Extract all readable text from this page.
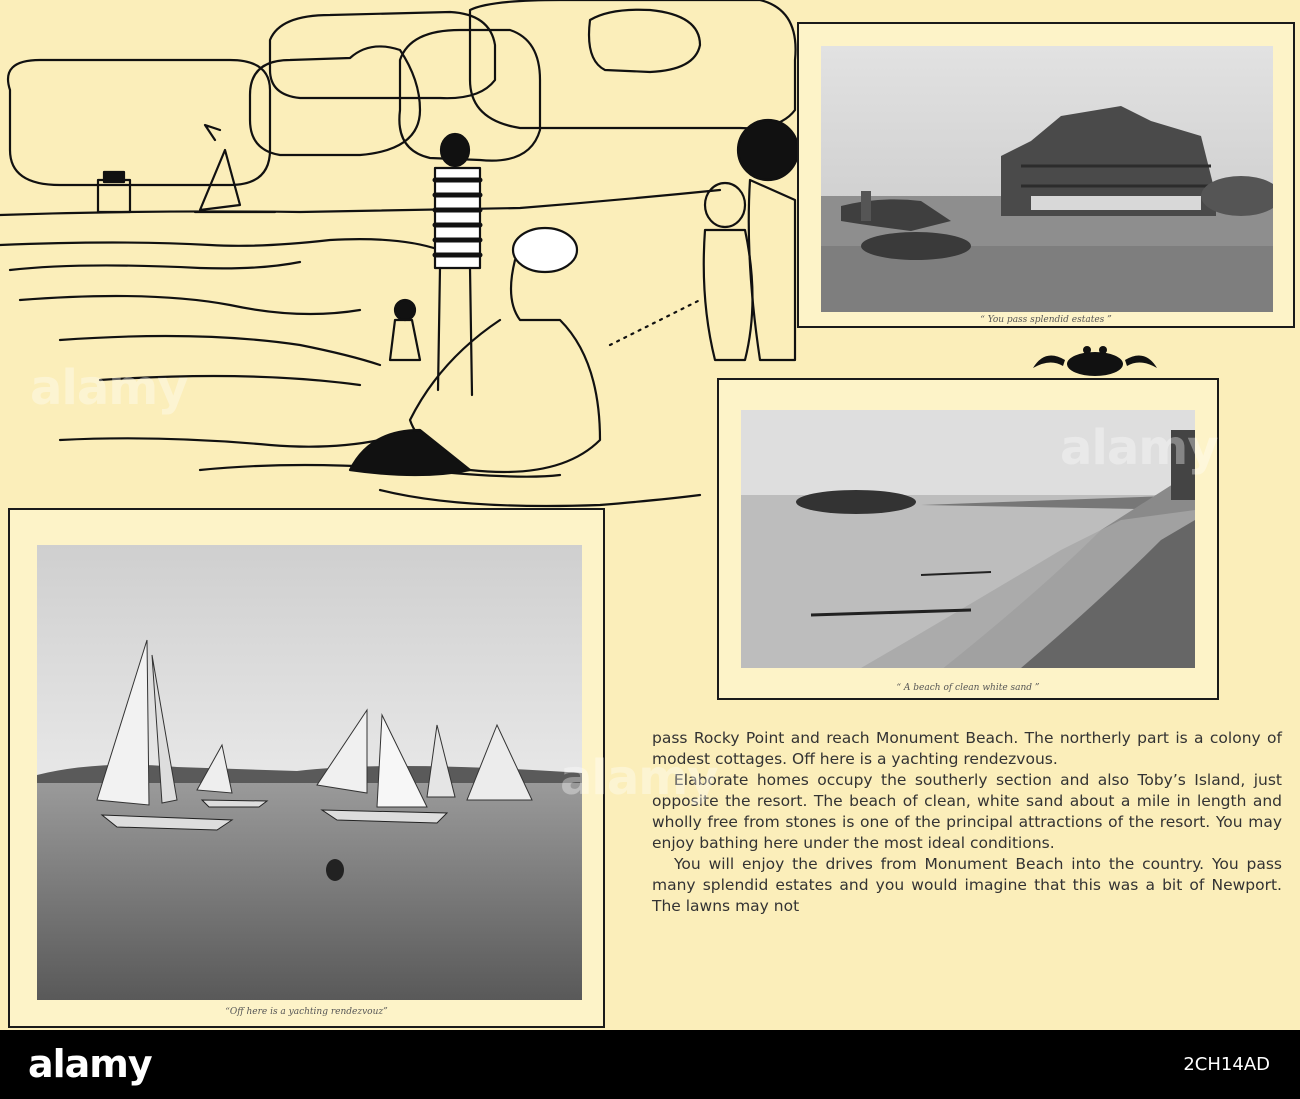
“ You pass splendid estates ”
“ A beach of clean white sand ”
“Off here is a yachting rendezvouz”

pass Rocky Point and reach Monument Beach. The northerly part is a colony of modest cottages. Off here is a yachting rendezvous.

Elaborate homes occupy the southerly section and also Toby’s Island, just opposite the resort. The beach of clean, white sand about a mile in length and wholly free from stones is one of the principal attractions of the resort. You may enjoy bathing here under the most ideal conditions.

You will enjoy the drives from Monument Beach into the country. You pass many splendid estates and you would imagine that this was a bit of Newport. The lawns may not

alamy
alamy
alamy
alamy	2CH14AD
